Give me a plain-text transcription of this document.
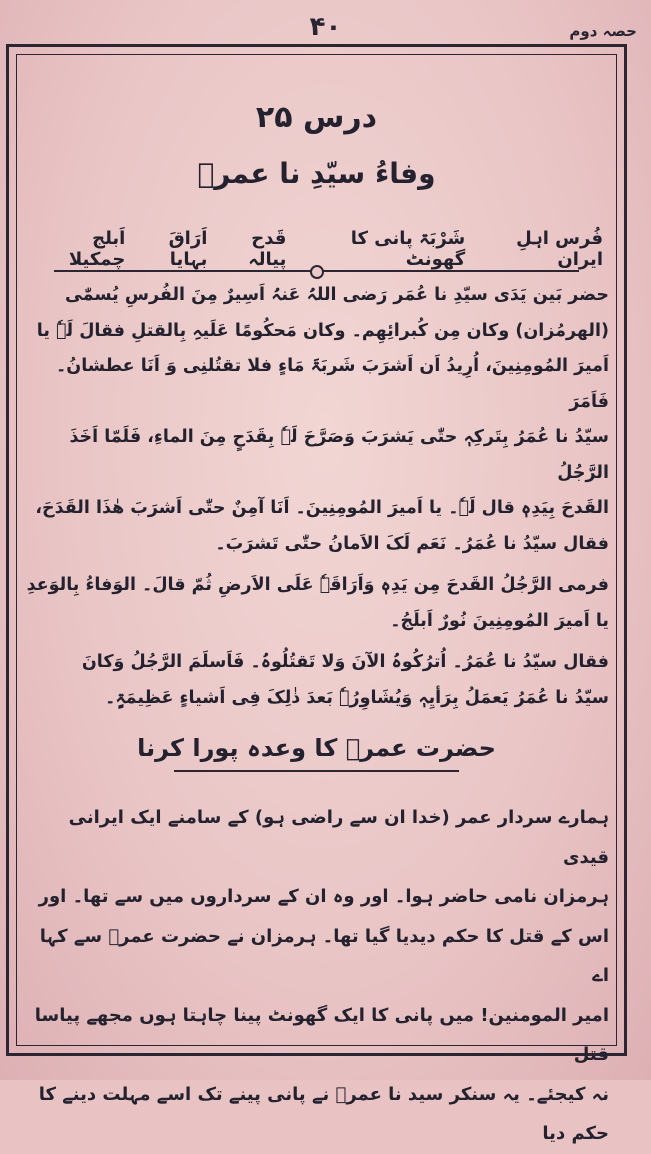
۴۰	حصہ دوم
درس ۲۵
وفاءُ سیّدِ نا عمرؓ
فُرس اہلِ ایران
شَرْبَۃ پانی کا گھونٹ
قَدح پیالہ
اَرَاقَ بہایا
اَبلج چمکیلا

حضر بَین یَدَی سیّدِ نا عُمَر رَضی اللہُ عَنہُ اَسِیرٌ مِنَ الفُرسِ یُسمّٰی

(الھرمُزان) وکان مِن کُبرائِھِم۔ وکان مَحکُومًا عَلَیہِ بِالقتلِ فقالَ لَہٗ یا

اَمیرَ المُومِنِینَ، اُرِیدُ اَن اَشرَبَ شَربَۃَ مَاءٍ فلا تقتُلنِی وَ اَنَا عطشانُ۔ فَاَمَرَ

سیّدُ نا عُمَرُ بِتَرکِہٖ حتّٰی یَشرَبَ وَصَرَّحَ لَہٗ بِقَدَحٍ مِنَ الماءِ، فَلَمّا اَخَذَ الرَّجُلُ

القَدحَ بِیَدِہٖ قال لَہٗ۔ یا اَمیرَ المُومِنِینَ۔ اَنَا آمِنٌ حتّٰی اَشرَبَ ھٰذَا القَدَحَ،

فقال سیّدُ نا عُمَرُ۔ نَعَم لَکَ الاَمانُ حتّٰی تَشرَبَ۔

فرمی الرَّجُلُ القَدحَ مِن یَدِہٖ وَاَرَاقَہٗ عَلَی الاَرضِ ثُمّ قالَ۔ الوَفاءُ بِالوَعدِ

یا اَمیرَ المُومِنِینَ نُورٌ اَبلَجُ۔

فقال سیّدُ نا عُمَرُ۔ اُترُکُوہُ الآنَ وَلا تَقتُلُوہُ۔ فَاَسلَمَ الرَّجُلُ وَکانَ

سیّدُ نا عُمَرُ یَعمَلُ بِرَأیِہٖ وَیُشَاوِرُہٗ بَعدَ ذٰلِکَ فِی اَشیاءٍ عَظِیمَۃٍ۔

حضرت عمرؓ کا وعدہ پورا کرنا

ہمارے سردار عمر (خدا ان سے راضی ہو) کے سامنے ایک ایرانی قیدی

ہرمزان نامی حاضر ہوا۔ اور وہ ان کے سرداروں میں سے تھا۔ اور

اس کے قتل کا حکم دیدیا گیا تھا۔ ہرمزان نے حضرت عمرؓ سے کہا اے

امیر المومنین! میں پانی کا ایک گھونٹ پینا چاہتا ہوں مجھے پیاسا قتل

نہ کیجئے۔ یہ سنکر سید نا عمرؓ نے پانی پینے تک اسے مہلت دینے کا حکم دیا
